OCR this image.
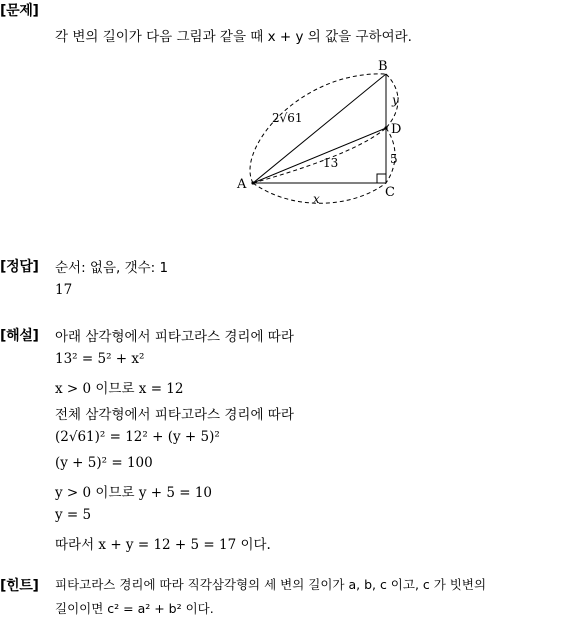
[문제]
각 변의 길이가 다음 그림과 같을 때 x + y 의 값을 구하여라.
A
B
C
D
2√61
13	5
y
x
[정답] 순서: 없음, 갯수: 1
17
[해설] 아래 삼각형에서 피타고라스 경리에 따라
13² = 5² + x²
x > 0 이므로 x = 12
전체 삼각형에서 피타고라스 경리에 따라
(2√61)² = 12² + (y + 5)²
(y + 5)² = 100
y > 0 이므로 y + 5 = 10
y = 5
따라서 x + y = 12 + 5 = 17 이다.
[힌트] 피타고라스 경리에 따라 직각삼각형의 세 변의 길이가 a, b, c 이고, c 가 빗변의
길이이면 c² = a² + b² 이다.
